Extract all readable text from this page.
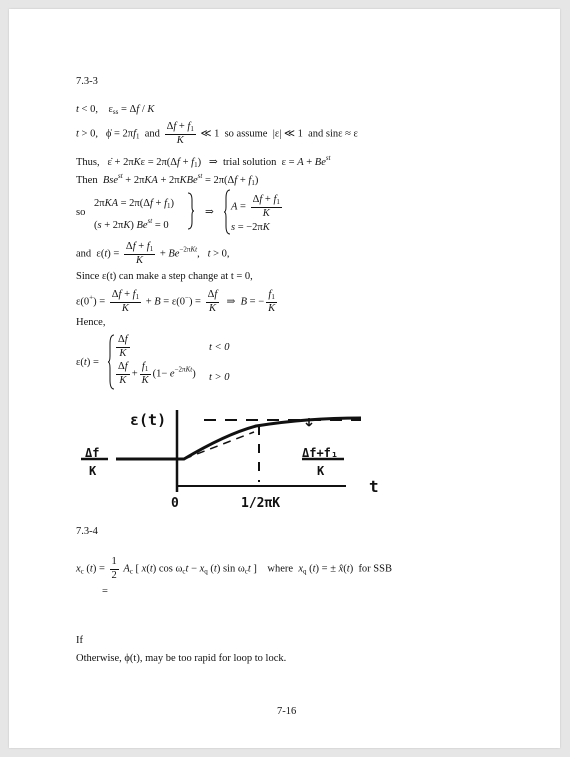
7.3-3
t < 0,    $\varepsilon_{ss} = \Delta f / K$
t > 0,   ϕ̇ = $2\pi f_1$ and $\frac{\Delta f + f_1}{K}$ ≪ 1  so assume  |ε| ≪ 1  and sinε ≈ ε
Thus,   ε̇ + $2\pi K\varepsilon = 2\pi(\Delta f + f_1)$   ⇒  trial solution  $\varepsilon = A + Be^{st}$
Then $Bse^{st} + 2\pi KA + 2\pi KBe^{st} = 2\pi(\Delta f + f_1)$
so
$2\pi KA = 2\pi(\Delta f + f_1)$
(s + 2πK) $Be^{st} = 0$
⇒ $A = \frac{\Delta f + f_1}{K}$
s = −2πK
and  $\varepsilon(t) = \frac{\Delta f + f_1}{K} + Be^{-2\pi Kt}$,   t > 0,
Since ε(t) can make a step change at t = 0,
$\varepsilon(0^+) = \frac{\Delta f + f_1}{K} + B = \varepsilon(0^-) = \frac{\Delta f}{K}$ ⇒  B = − $\frac{f_1}{K}$
Hence,
ε(t) =
$\frac{\Delta f}{K}$	t < 0
$\frac{\Delta f}{K} + \frac{f_1}{K} (1- e^{-2\pi Kt}) t > 0$
ε(t)
Δf
K
Δf+f₁
K
t
0	1/2πK
7.3-4
$x_c$ $(t) = \frac{1}{2} A_c$ [ x(t) $\cos \omega_ct - x_q$ (t) $\sin \omega_ct$ ]    where $x_q$ (t) = ± x̂(t)  for SSB
=
If
Otherwise, ϕ(t), may be too rapid for loop to lock.
7-16
